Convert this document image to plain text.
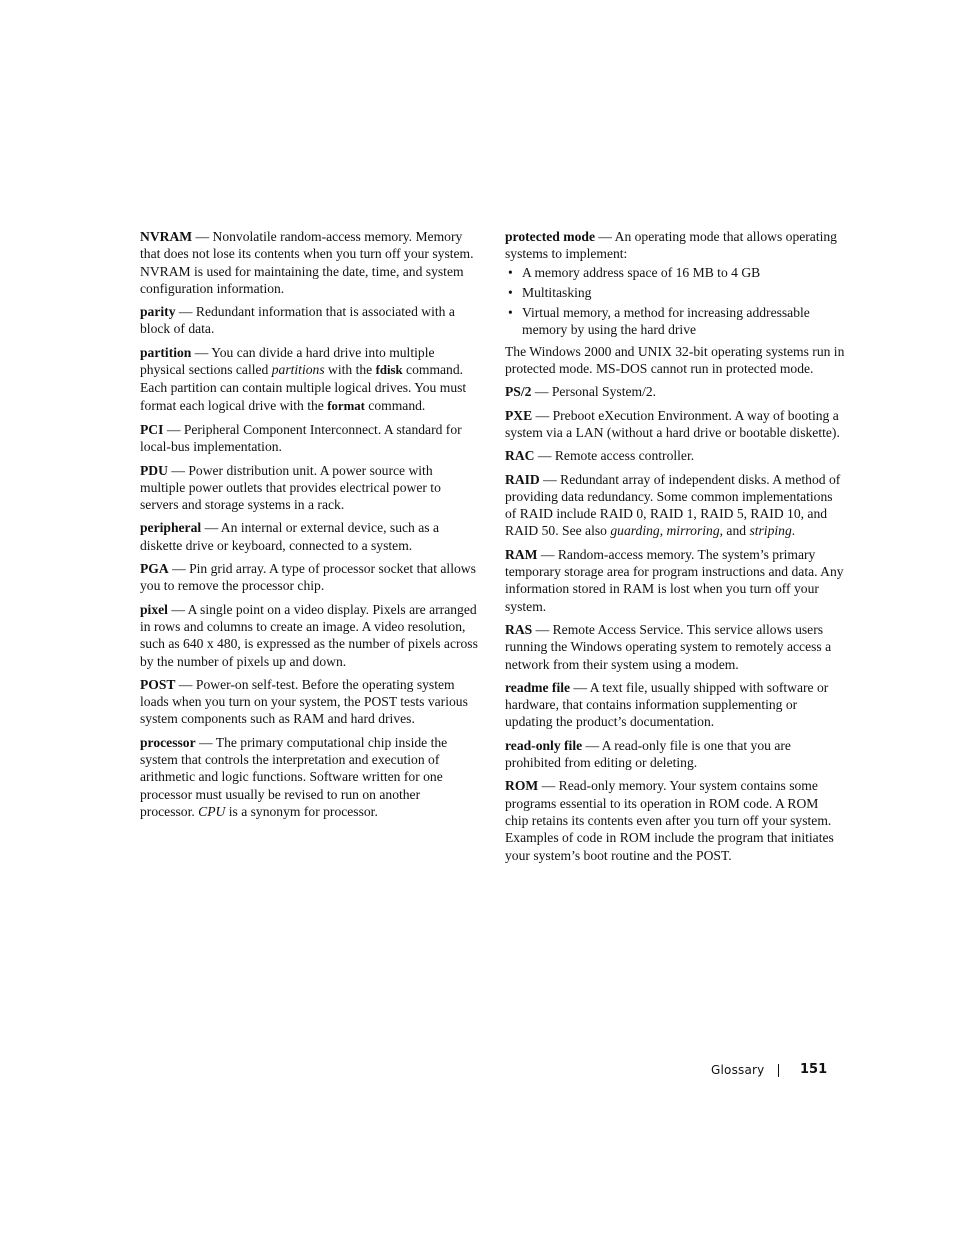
NVRAM — Nonvolatile random-access memory. Memory that does not lose its contents when you turn off your system. NVRAM is used for maintaining the date, time, and system configuration information.

parity — Redundant information that is associated with a block of data.

partition — You can divide a hard drive into multiple physical sections called partitions with the fdisk command. Each partition can contain multiple logical drives. You must format each logical drive with the format command.

PCI — Peripheral Component Interconnect. A standard for local-bus implementation.

PDU — Power distribution unit. A power source with multiple power outlets that provides electrical power to servers and storage systems in a rack.

peripheral — An internal or external device, such as a diskette drive or keyboard, connected to a system.

PGA — Pin grid array. A type of processor socket that allows you to remove the processor chip.

pixel — A single point on a video display. Pixels are arranged in rows and columns to create an image. A video resolution, such as 640 x 480, is expressed as the number of pixels across by the number of pixels up and down.

POST — Power-on self-test. Before the operating system loads when you turn on your system, the POST tests various system components such as RAM and hard drives.

processor — The primary computational chip inside the system that controls the interpretation and execution of arithmetic and logic functions. Software written for one processor must usually be revised to run on another processor. CPU is a synonym for processor.

protected mode — An operating mode that allows operating systems to implement:

• A memory address space of 16 MB to 4 GB
• Multitasking
• Virtual memory, a method for increasing addressable memory by using the hard drive

The Windows 2000 and UNIX 32-bit operating systems run in protected mode. MS-DOS cannot run in protected mode.

PS/2 — Personal System/2.

PXE — Preboot eXecution Environment. A way of booting a system via a LAN (without a hard drive or bootable diskette).

RAC — Remote access controller.

RAID — Redundant array of independent disks. A method of providing data redundancy. Some common implementations of RAID include RAID 0, RAID 1, RAID 5, RAID 10, and RAID 50. See also guarding, mirroring, and striping.

RAM — Random-access memory. The system’s primary temporary storage area for program instructions and data. Any information stored in RAM is lost when you turn off your system.

RAS — Remote Access Service. This service allows users running the Windows operating system to remotely access a network from their system using a modem.

readme file — A text file, usually shipped with software or hardware, that contains information supplementing or updating the product’s documentation.

read-only file — A read-only file is one that you are prohibited from editing or deleting.

ROM — Read-only memory. Your system contains some programs essential to its operation in ROM code. A ROM chip retains its contents even after you turn off your system. Examples of code in ROM include the program that initiates your system’s boot routine and the POST.

Glossary	151
